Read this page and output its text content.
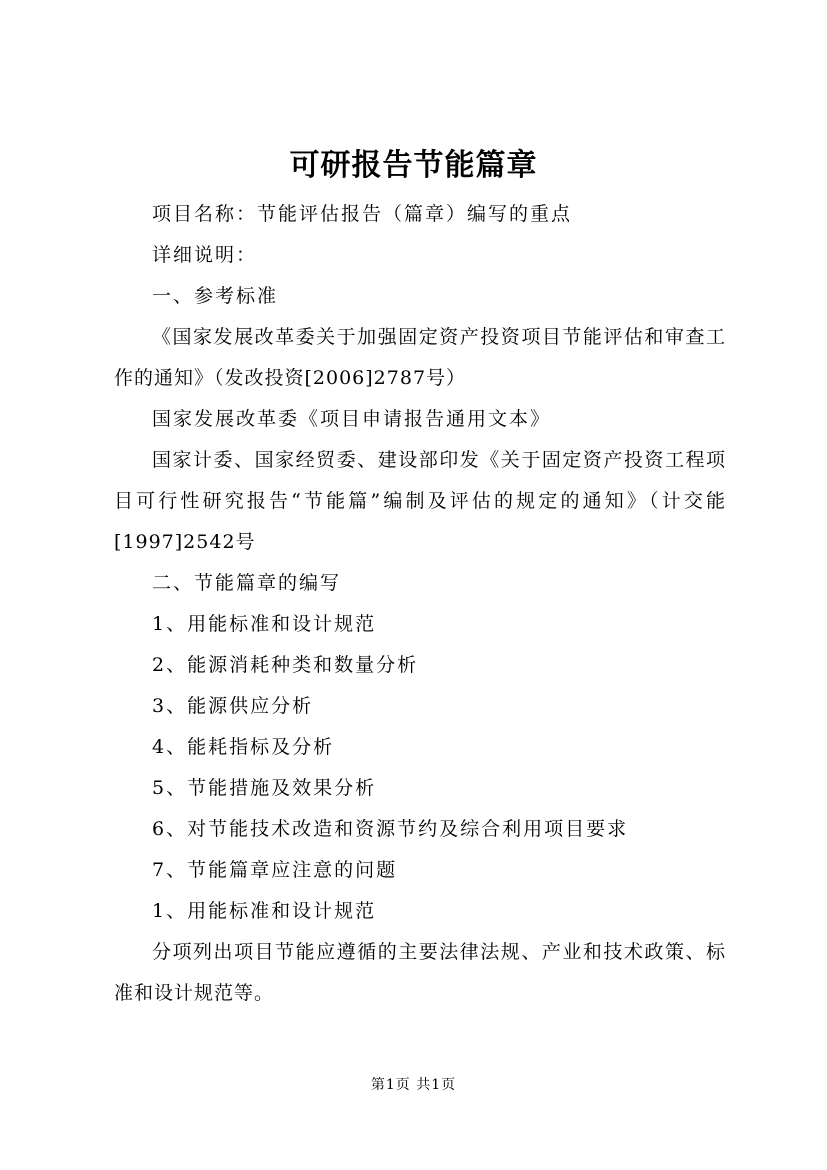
可研报告节能篇章

项目名称：节能评估报告（篇章）编写的重点

详细说明：

一、参考标准

《国家发展改革委关于加强固定资产投资项目节能评估和审查工作的通知》（发改投资[2006]2787号）

国家发展改革委《项目申请报告通用文本》

国家计委、国家经贸委、建设部印发《关于固定资产投资工程项目可行性研究报告“节能篇”编制及评估的规定的通知》（计交能[1997]2542号

二、节能篇章的编写

1、用能标准和设计规范

2、能源消耗种类和数量分析

3、能源供应分析

4、能耗指标及分析

5、节能措施及效果分析

6、对节能技术改造和资源节约及综合利用项目要求

7、节能篇章应注意的问题

1、用能标准和设计规范

分项列出项目节能应遵循的主要法律法规、产业和技术政策、标准和设计规范等。

第1页 共1页
